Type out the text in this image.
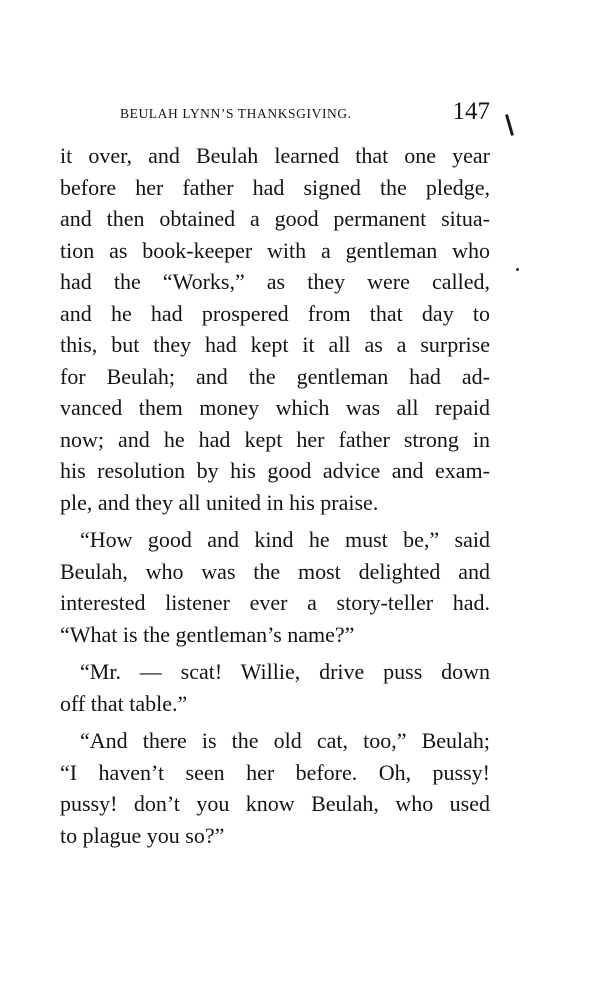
BEULAH LYNN’S THANKSGIVING.	147
it over, and Beulah learned that one year
before her father had signed the pledge,
and then obtained a good permanent situa-
tion as book-keeper with a gentleman who
had the “Works,” as they were called,
and he had prospered from that day to
this, but they had kept it all as a surprise
for Beulah; and the gentleman had ad-
vanced them money which was all repaid
now; and he had kept her father strong in
his resolution by his good advice and exam-
ple, and they all united in his praise.
“How good and kind he must be,” said
Beulah, who was the most delighted and
interested listener ever a story-teller had.
“What is the gentleman’s name?”
“Mr. — scat! Willie, drive puss down
off that table.”
“And there is the old cat, too,” Beulah;
“I haven’t seen her before. Oh, pussy!
pussy! don’t you know Beulah, who used
to plague you so?”
